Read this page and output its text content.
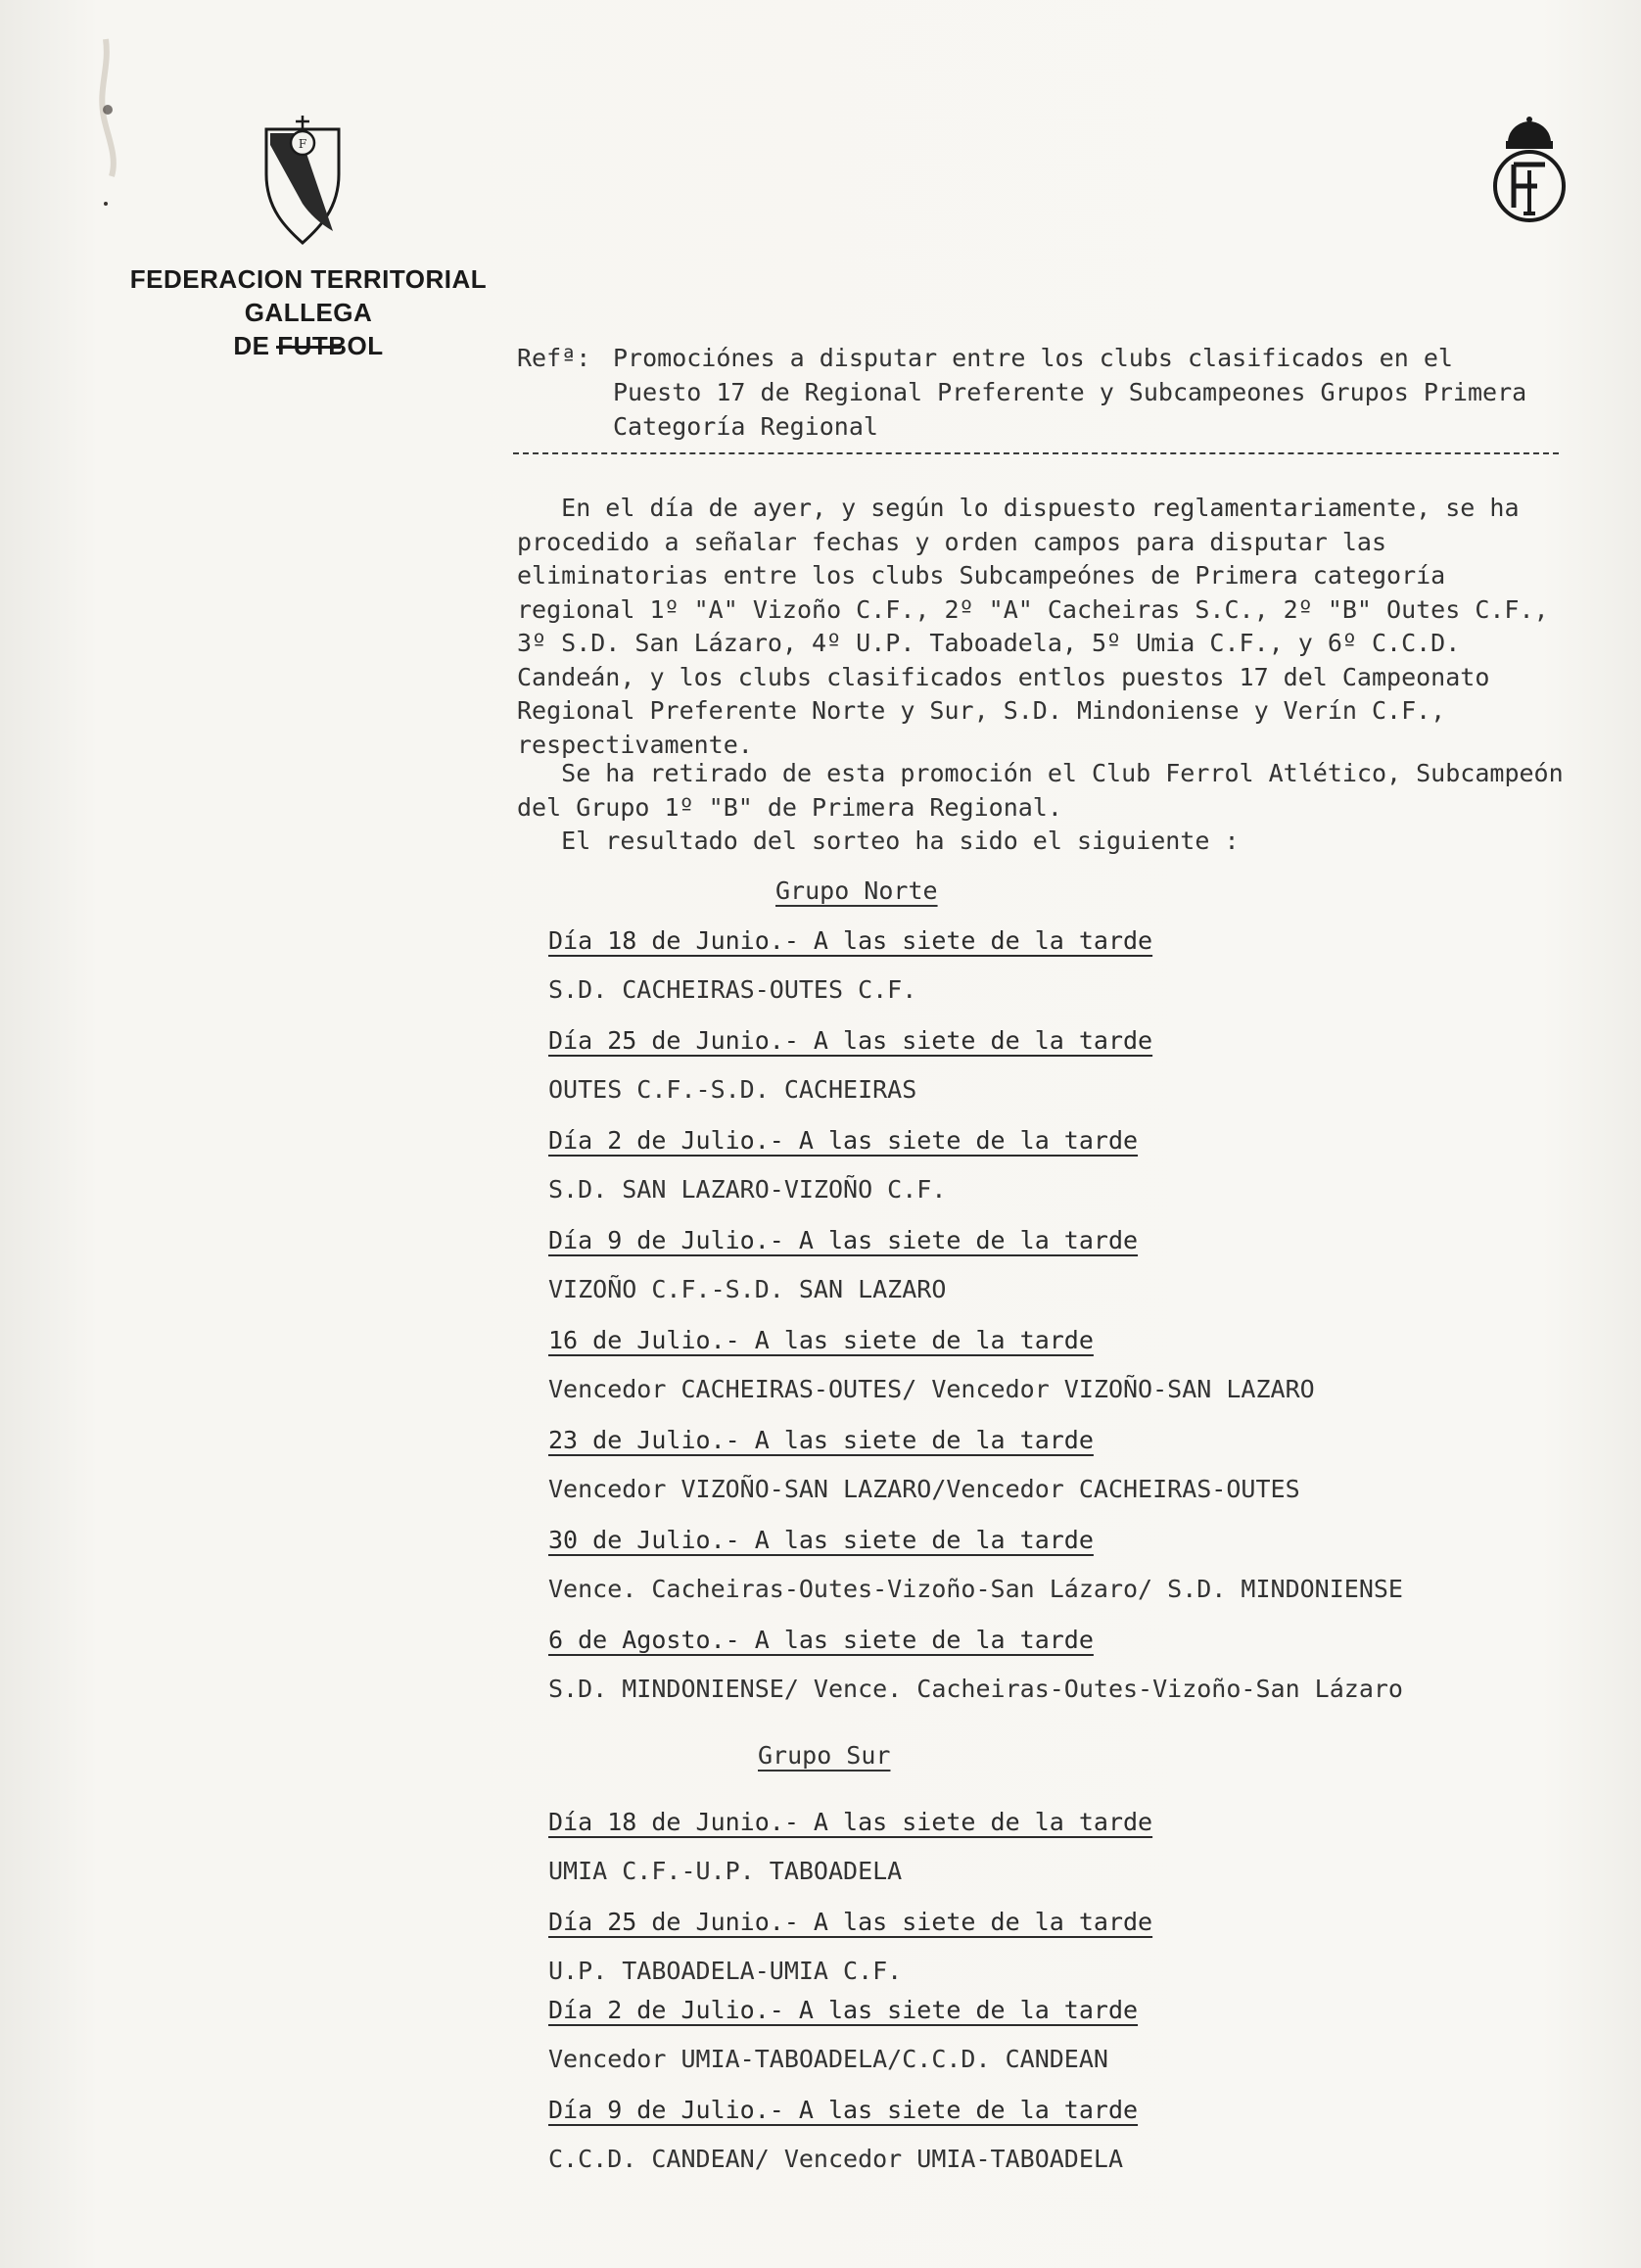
F
FEDERACION TERRITORIAL GALLEGA
DE FUTBOL	Refª: Promociónes a disputar entre los clubs clasificados en el Puesto 17 de Regional Preferente y Subcampeones Grupos Primera Categoría Regional
En el día de ayer, y según lo dispuesto reglamentariamente, se ha procedido a señalar fechas y orden campos para disputar las eliminatorias entre los clubs Subcampeónes de Primera categoría regional 1º "A" Vizoño C.F., 2º "A" Cacheiras S.C., 2º "B" Outes C.F., 3º S.D. San Lázaro, 4º U.P. Taboadela, 5º Umia C.F., y 6º C.C.D. Candeán, y los clubs clasificados entlos puestos 17 del Campeonato Regional Preferente Norte y Sur, S.D. Mindoniense y Verín C.F., respectivamente.
Se ha retirado de esta promoción el Club Ferrol Atlético, Subcampeón del Grupo 1º "B" de Primera Regional.
El resultado del sorteo ha sido el siguiente :
Grupo Norte
Día 18 de Junio.- A las siete de la tarde
S.D. CACHEIRAS-OUTES C.F.
Día 25 de Junio.- A las siete de la tarde
OUTES C.F.-S.D. CACHEIRAS
Día 2 de Julio.- A las siete de la tarde
S.D. SAN LAZARO-VIZOÑO C.F.
Día 9 de Julio.- A las siete de la tarde
VIZOÑO C.F.-S.D. SAN LAZARO
16 de Julio.- A las siete de la tarde
Vencedor CACHEIRAS-OUTES/ Vencedor VIZOÑO-SAN LAZARO
23 de Julio.- A las siete de la tarde
Vencedor VIZOÑO-SAN LAZARO/Vencedor CACHEIRAS-OUTES
30 de Julio.- A las siete de la tarde
Vence. Cacheiras-Outes-Vizoño-San Lázaro/ S.D. MINDONIENSE
6 de Agosto.- A las siete de la tarde
S.D. MINDONIENSE/ Vence. Cacheiras-Outes-Vizoño-San Lázaro
Grupo Sur
Día 18 de Junio.- A las siete de la tarde
UMIA C.F.-U.P. TABOADELA
Día 25 de Junio.- A las siete de la tarde
U.P. TABOADELA-UMIA C.F.
Día 2 de Julio.- A las siete de la tarde
Vencedor UMIA-TABOADELA/C.C.D. CANDEAN
Día 9 de Julio.- A las siete de la tarde
C.C.D. CANDEAN/ Vencedor UMIA-TABOADELA
